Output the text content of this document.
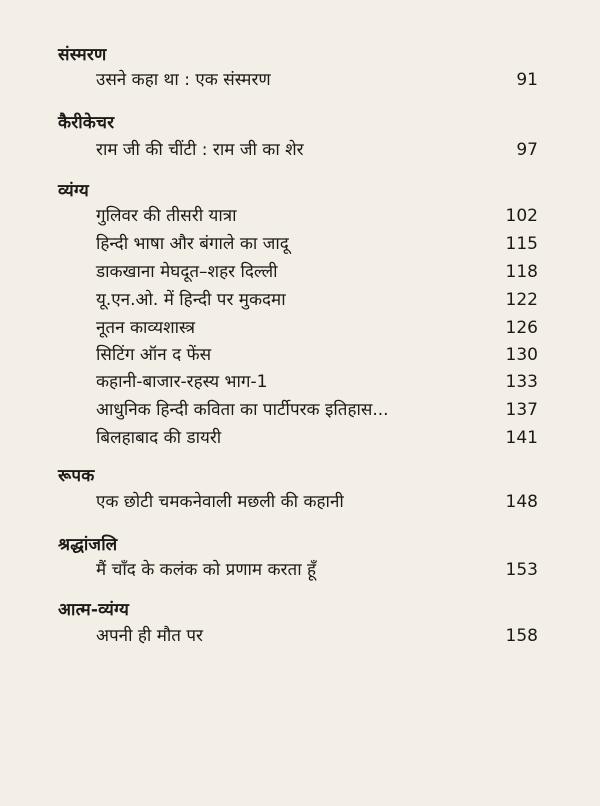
संस्मरण
उसने कहा था : एक संस्मरण	91
कैरीकेचर
राम जी की चींटी : राम जी का शेर	97
व्यंग्य
गुलिवर की तीसरी यात्रा	102
हिन्दी भाषा और बंगाले का जादू	115
डाकखाना मेघदूत–शहर दिल्ली	118
यू.एन.ओ. में हिन्दी पर मुकदमा	122
नूतन काव्यशास्त्र	126
सिटिंग ऑन द फेंस	130
कहानी-बाजार-रहस्य भाग-1	133
आधुनिक हिन्दी कविता का पार्टीपरक इतिहास...	137
बिलहाबाद की डायरी	141
रूपक
एक छोटी चमकनेवाली मछली की कहानी	148
श्रद्धांजलि
मैं चाँद के कलंक को प्रणाम करता हूँ	153
आत्म-व्यंग्य
अपनी ही मौत पर	158
